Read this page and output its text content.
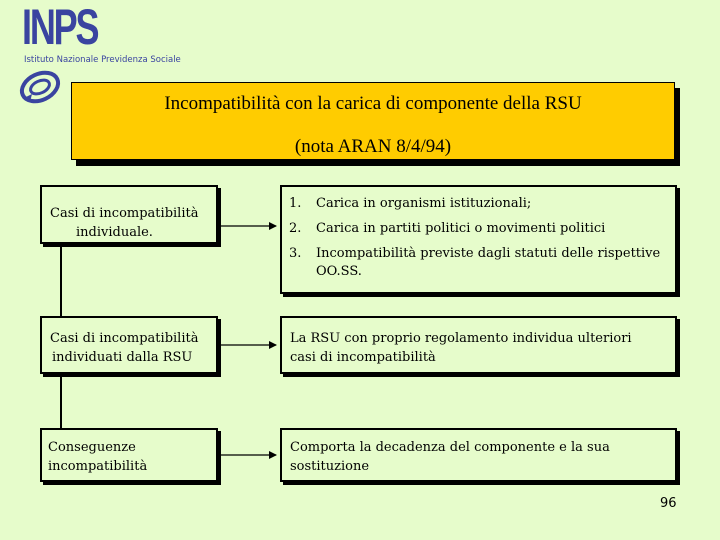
INPS
Istituto Nazionale Previdenza Sociale
Incompatibilità con la carica di componente della RSU
(nota ARAN 8/4/94)
Casi di incompatibilità
individuale.
1.	Carica in organismi istituzionali;
2.	Carica in partiti politici o movimenti politici
3.	Incompatibilità previste dagli statuti delle rispettive OO.SS.
Casi di incompatibilità
individuati dalla RSU
La RSU con proprio regolamento individua ulteriori casi di incompatibilità
Conseguenze
incompatibilità
Comporta la decadenza del componente e la sua sostituzione
96
